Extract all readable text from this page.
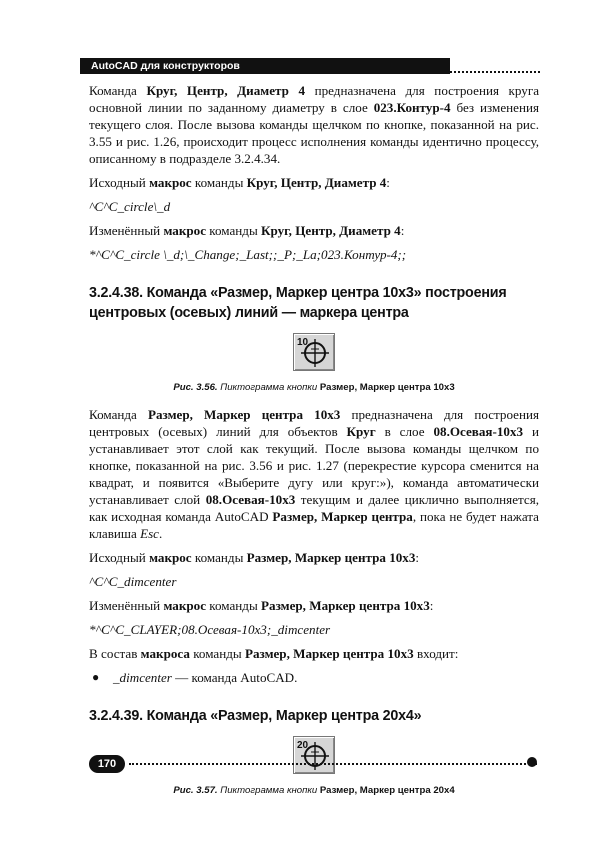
AutoCAD для конструкторов

Команда Круг, Центр, Диаметр 4 предназначена для построения круга основной линии по заданному диаметру в слое 023.Контур-4 без изменения текущего слоя. После вызова команды щелчком по кнопке, показанной на рис. 3.55 и рис. 1.26, происходит процесс исполнения команды идентично процессу, описанному в подразделе 3.2.4.34.

Исходный макрос команды Круг, Центр, Диаметр 4:

^C^C_circle\_d

Изменённый макрос команды Круг, Центр, Диаметр 4:

*^C^C_circle \_d;\_Change;_Last;;_P;_La;023.Контур-4;;
3.2.4.38. Команда «Размер, Маркер центра 10x3» построения центровых (осевых) линий — маркера центра
10
Рис. 3.56. Пиктограмма кнопки Размер, Маркер центра 10x3

Команда Размер, Маркер центра 10x3 предназначена для построения центровых (осевых) линий для объектов Круг в слое 08.Осевая-10x3 и устанавливает этот слой как текущий. После вызова команды щелчком по кнопке, показанной на рис. 3.56 и рис. 1.27 (перекрестие курсора сменится на квадрат, и появится «Выберите дугу или круг:»), команда автоматически устанавливает слой 08.Осевая-10x3 текущим и далее циклично выполняется, как исходная команда AutoCAD Размер, Маркер центра, пока не будет нажата клавиша Esc.

Исходный макрос команды Размер, Маркер центра 10x3:

^C^C_dimcenter

Изменённый макрос команды Размер, Маркер центра 10x3:

*^C^C_CLAYER;08.Осевая-10x3;_dimcenter

В состав макроса команды Размер, Маркер центра 10x3 входит:

● _dimcenter — команда AutoCAD.
3.2.4.39. Команда «Размер, Маркер центра 20x4»
20
Рис. 3.57. Пиктограмма кнопки Размер, Маркер центра 20x4
170
